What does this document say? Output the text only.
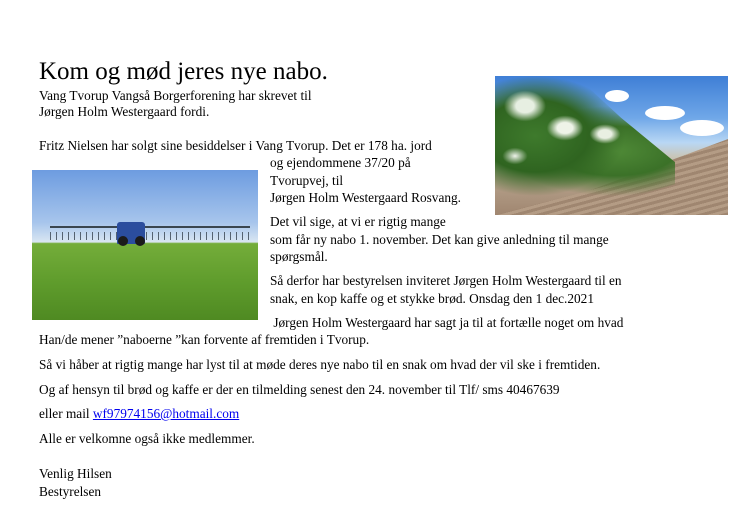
Kom og mød jeres nye nabo.
Vang Tvorup Vangså Borgerforening har skrevet til
Jørgen Holm Westergaard fordi.
Fritz Nielsen har solgt sine besiddelser i Vang Tvorup. Det er 178 ha. jord
og ejendommene 37/20 på
Tvorupvej, til
Jørgen Holm Westergaard Rosvang.
Det vil sige, at vi er rigtig mange
som får ny nabo 1. november. Det kan give anledning til mange
spørgsmål.
Så derfor har bestyrelsen inviteret Jørgen Holm Westergaard til en
snak, en kop kaffe og et stykke brød. Onsdag den 1 dec.2021
Jørgen Holm Westergaard har sagt ja til at fortælle noget om hvad
Han/de mener ”naboerne ”kan forvente af fremtiden i Tvorup.
Så vi håber at rigtig mange har lyst til at møde deres nye nabo til en snak om hvad der vil ske i fremtiden.
Og af hensyn til brød og kaffe er der en tilmelding senest den 24. november til Tlf/ sms 40467639
eller mail wf97974156@hotmail.com
Alle er velkomne også ikke medlemmer.
Venlig Hilsen
Bestyrelsen
